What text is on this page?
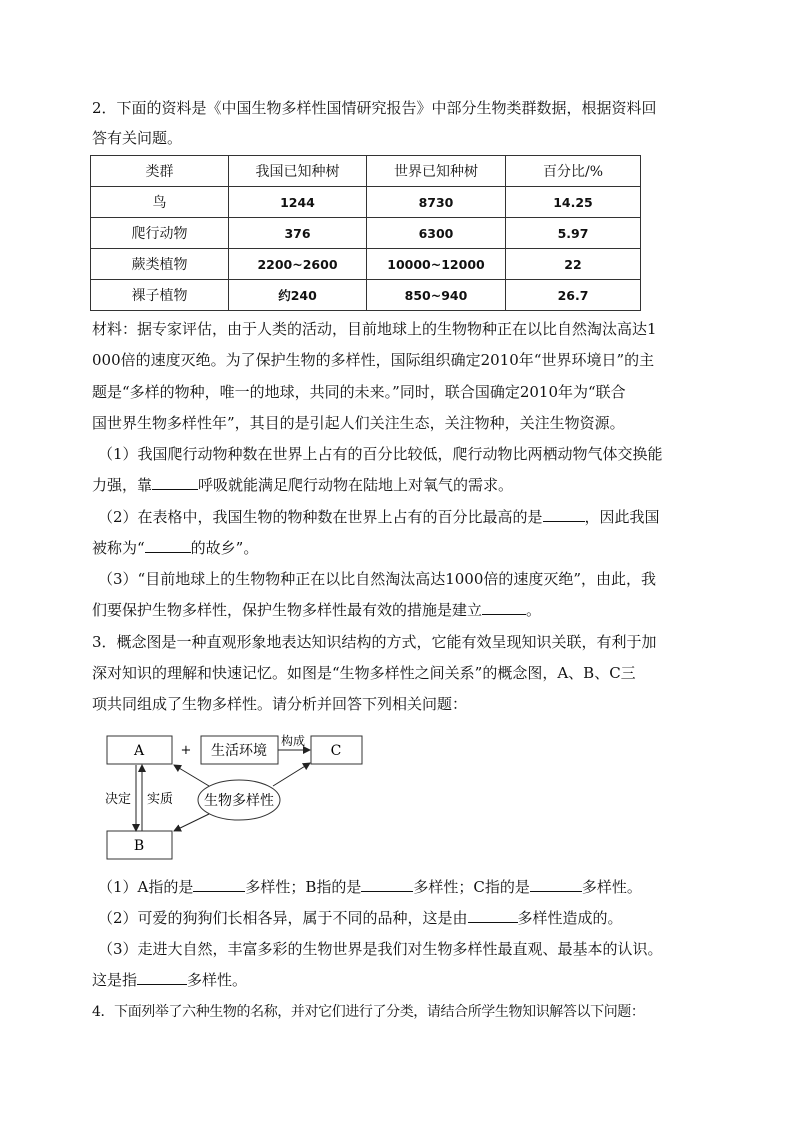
2．下面的资料是《中国生物多样性国情研究报告》中部分生物类群数据，根据资料回
答有关问题。
类群	我国已知种树	世界已知种树	百分比/%
鸟	1244	8730	14.25
爬行动物	376	6300	5.97
蕨类植物	2200~2600	10000~12000	22
裸子植物	约240	850~940	26.7
材料：据专家评估，由于人类的活动，目前地球上的生物物种正在以比自然淘汰高达1
000倍的速度灭绝。为了保护生物的多样性，国际组织确定2010年“世界环境日”的主
题是“多样的物种，唯一的地球，共同的未来。”同时，联合国确定2010年为“联合
国世界生物多样性年”，其目的是引起人们关注生态，关注物种，关注生物资源。
（1）我国爬行动物种数在世界上占有的百分比较低，爬行动物比两栖动物气体交换能
力强，靠	呼吸就能满足爬行动物在陆地上对氧气的需求。
（2）在表格中，我国生物的物种数在世界上占有的百分比最高的是	，因此我国
被称为“	的故乡”。
（3）“目前地球上的生物物种正在以比自然淘汰高达1000倍的速度灭绝”，由此，我
们要保护生物多样性，保护生物多样性最有效的措施是建立	。
3．概念图是一种直观形象地表达知识结构的方式，它能有效呈现知识关联，有利于加
深对知识的理解和快速记忆。如图是“生物多样性之间关系”的概念图，A、B、C三
项共同组成了生物多样性。请分析并回答下列相关问题：
A	+ 生活环境
构成
C
生物多样性
决定 实质
B
（1）A指的是	多样性；B指的是	多样性；C指的是	多样性。
（2）可爱的狗狗们长相各异，属于不同的品种，这是由	多样性造成的。
（3）走进大自然，丰富多彩的生物世界是我们对生物多样性最直观、最基本的认识。
这是指	多样性。
4．下面列举了六种生物的名称，并对它们进行了分类，请结合所学生物知识解答以下问题：
